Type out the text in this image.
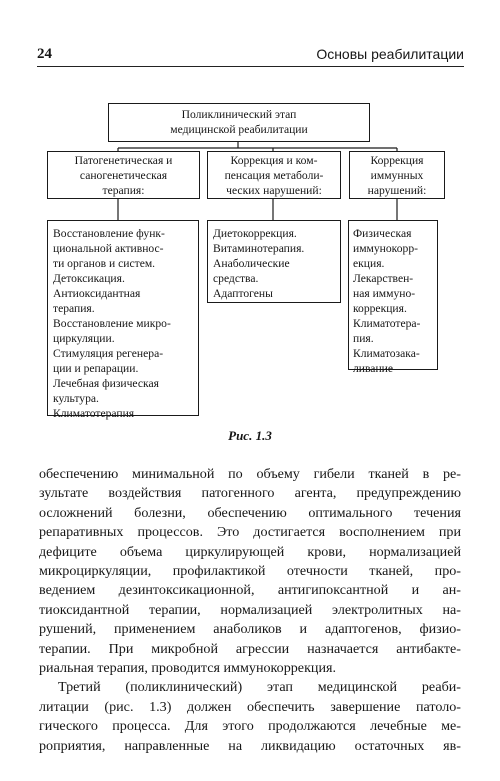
24	Основы реабилитации
Поликлинический этап
медицинской реабилитации
Патогенетическая и
саногенетическая
терапия:
Коррекция и ком-
пенсация метаболи-
ческих нарушений:
Коррекция
иммунных
нарушений:
Восстановление функ-
циональной активнос-
ти органов и систем.
Детоксикация.
Антиоксидантная
терапия.
Восстановление микро-
циркуляции.
Стимуляция регенера-
ции и репарации.
Лечебная физическая
культура.
Климатотерапия
Диетокоррекция.
Витаминотерапия.
Анаболические
средства.
Адаптогены
Физическая
иммунокорр-
екция.
Лекарствен-
ная иммуно-
коррекция.
Климатотера-
пия.
Климатозака-
ливание
Рис. 1.3
обеспечению минимальной по объему гибели тканей в ре-
зультате воздействия патогенного агента, предупреждению
осложнений болезни, обеспечению оптимального течения
репаративных процессов. Это достигается восполнением при
дефиците объема циркулирующей крови, нормализацией
микроциркуляции, профилактикой отечности тканей, про-
ведением дезинтоксикационной, антигипоксантной и ан-
тиоксидантной терапии, нормализацией электролитных на-
рушений, применением анаболиков и адаптогенов, физио-
терапии. При микробной агрессии назначается антибакте-
риальная терапия, проводится иммунокоррекция.
Третий (поликлинический) этап медицинской реаби-
литации (рис. 1.3) должен обеспечить завершение патоло-
гического процесса. Для этого продолжаются лечебные ме-
роприятия, направленные на ликвидацию остаточных яв-
